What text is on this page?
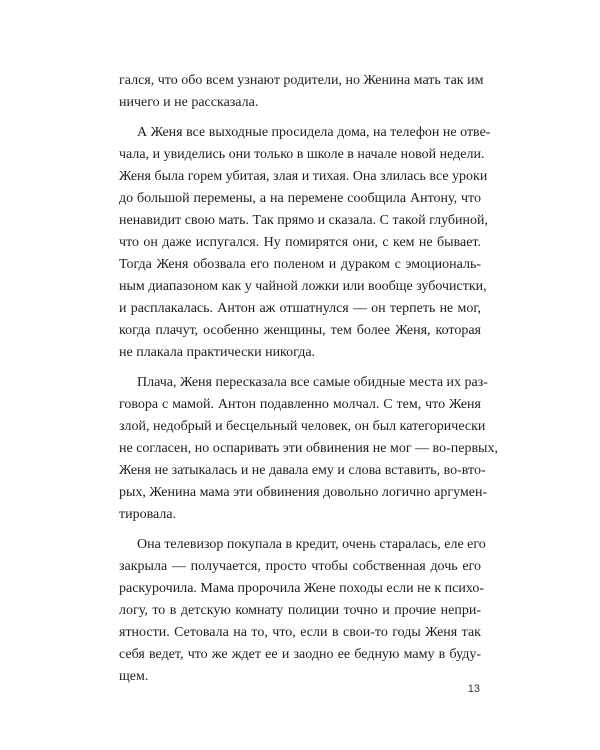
гался, что обо всем узнают родители, но Женина мать так им
ничего и не рассказала.
А Женя все выходные просидела дома, на телефон не отве-
чала, и увиделись они только в школе в начале новой недели.
Женя была горем убитая, злая и тихая. Она злилась все уроки
до большой перемены, а на перемене сообщила Антону, что
ненавидит свою мать. Так прямо и сказала. С такой глубиной,
что он даже испугался. Ну помирятся они, с кем не бывает.
Тогда Женя обозвала его поленом и дураком с эмоциональ-
ным диапазоном как у чайной ложки или вообще зубочистки,
и расплакалась. Антон аж отшатнулся — он терпеть не мог,
когда плачут, особенно женщины, тем более Женя, которая
не плакала практически никогда.
Плача, Женя пересказала все самые обидные места их раз-
говора с мамой. Антон подавленно молчал. С тем, что Женя
злой, недобрый и бесцельный человек, он был категорически
не согласен, но оспаривать эти обвинения не мог — во-первых,
Женя не затыкалась и не давала ему и слова вставить, во-вто-
рых, Женина мама эти обвинения довольно логично аргумен-
тировала.
Она телевизор покупала в кредит, очень старалась, еле его
закрыла — получается, просто чтобы собственная дочь его
раскурочила. Мама пророчила Жене походы если не к психо-
логу, то в детскую комнату полиции точно и прочие непри-
ятности. Сетовала на то, что, если в свои-то годы Женя так
себя ведет, что же ждет ее и заодно ее бедную маму в буду-
щем.
13
